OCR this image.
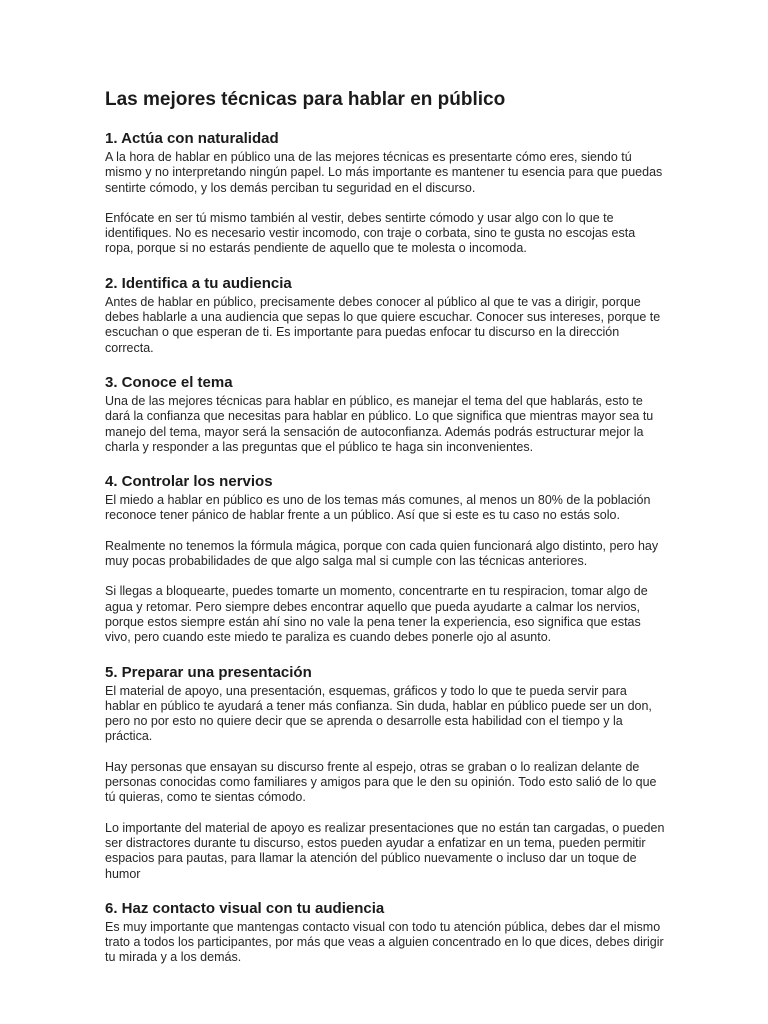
Las mejores técnicas para hablar en público
1. Actúa con naturalidad

A la hora de hablar en público una de las mejores técnicas es presentarte cómo eres, siendo tú mismo y no interpretando ningún papel. Lo más importante es mantener tu esencia para que puedas sentirte cómodo, y los demás perciban tu seguridad en el discurso.

Enfócate en ser tú mismo también al vestir, debes sentirte cómodo y usar algo con lo que te identifiques. No es necesario vestir incomodo, con traje o corbata, sino te gusta no escojas esta ropa, porque si no estarás pendiente de aquello que te molesta o incomoda.

2. Identifica a tu audiencia

Antes de hablar en público, precisamente debes conocer al público al que te vas a dirigir, porque debes hablarle a una audiencia que sepas lo que quiere escuchar. Conocer sus intereses, porque te escuchan o que esperan de ti. Es importante para puedas enfocar tu discurso en la dirección correcta.

3. Conoce el tema

Una de las mejores técnicas para hablar en público, es manejar el tema del que hablarás, esto te dará la confianza que necesitas para hablar en público. Lo que significa que mientras mayor sea tu manejo del tema, mayor será la sensación de autoconfianza. Además podrás estructurar mejor la charla y responder a las preguntas que el público te haga sin inconvenientes.

4. Controlar los nervios

El miedo a hablar en público es uno de los temas más comunes, al menos un 80% de la población reconoce tener pánico de hablar frente a un público. Así que si este es tu caso no estás solo.

Realmente no tenemos la fórmula mágica, porque con cada quien funcionará algo distinto, pero hay muy pocas probabilidades de que algo salga mal si cumple con las técnicas anteriores.

Si llegas a bloquearte, puedes tomarte un momento, concentrarte en tu respiracion, tomar algo de agua y retomar. Pero siempre debes encontrar aquello que pueda ayudarte a calmar los nervios, porque estos siempre están ahí sino no vale la pena tener la experiencia, eso significa que estas vivo, pero cuando este miedo te paraliza es cuando debes ponerle ojo al asunto.

5. Preparar una presentación

El material de apoyo, una presentación, esquemas, gráficos y todo lo que te pueda servir para hablar en público te ayudará a tener más confianza. Sin duda, hablar en público puede ser un don, pero no por esto no quiere decir que se aprenda o desarrolle esta habilidad con el tiempo y la práctica.

Hay personas que ensayan su discurso frente al espejo, otras se graban o lo realizan delante de personas conocidas como familiares y amigos para que le den su opinión. Todo esto salió de lo que tú quieras, como te sientas cómodo.

Lo importante del material de apoyo es realizar presentaciones que no están tan cargadas, o pueden ser distractores durante tu discurso, estos pueden ayudar a enfatizar en un tema, pueden permitir espacios para pautas, para llamar la atención del público nuevamente o incluso dar un toque de humor

6. Haz contacto visual con tu audiencia

Es muy importante que mantengas contacto visual con todo tu atención pública, debes dar el mismo trato a todos los participantes, por más que veas a alguien concentrado en lo que dices, debes dirigir tu mirada y a los demás.
